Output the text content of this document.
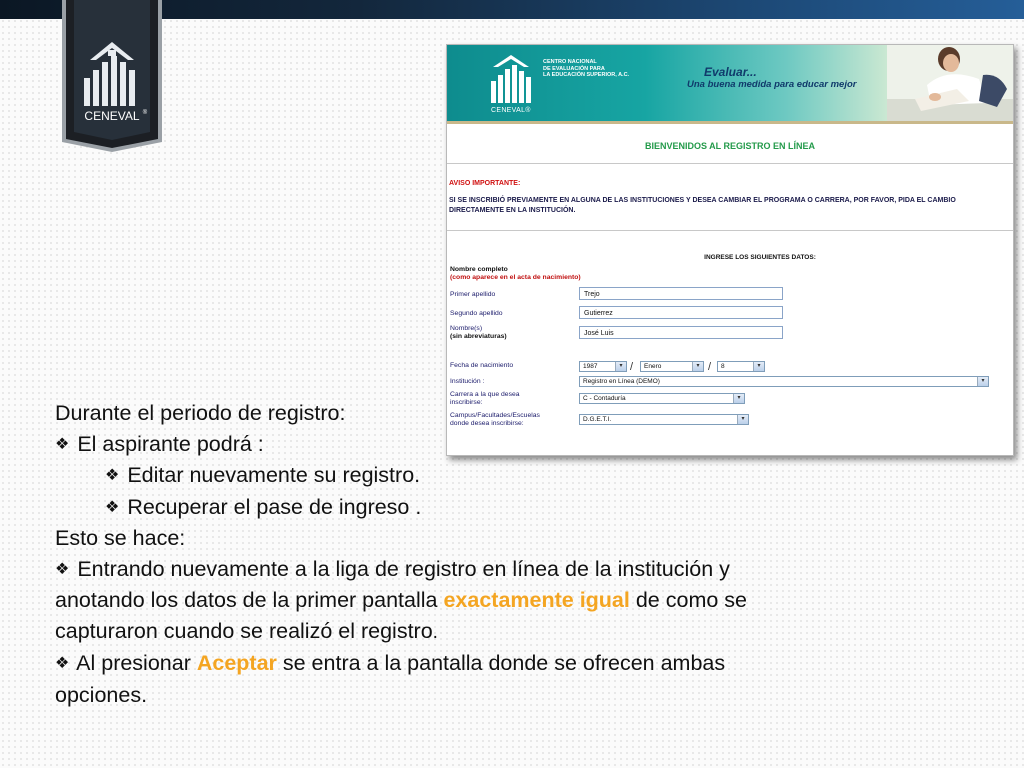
CENEVAL ®	CENEVAL®
CENTRO NACIONAL
DE EVALUACIÓN PARA
LA EDUCACIÓN SUPERIOR, A.C.	Evaluar...
Una buena medida para educar mejor
BIENVENIDOS AL REGISTRO EN LÍNEA
AVISO IMPORTANTE:
SI SE INSCRIBIÓ PREVIAMENTE EN ALGUNA DE LAS INSTITUCIONES Y DESEA CAMBIAR EL PROGRAMA O CARRERA, POR FAVOR, PIDA EL CAMBIO DIRECTAMENTE EN LA INSTITUCIÓN.
INGRESE LOS SIGUIENTES DATOS:
Nombre completo
(como aparece en el acta de nacimiento)
Primer apellido	Trejo
Segundo apellido	Gutierrez
Nombre(s)
(sin abreviaturas)	José Luis
Fecha de nacimiento	1987	▾ /	Enero	▾ /	8	▾
Institución :	Registro en Línea (DEMO)	▾
Carrera a la que desea
inscribirse:
C - Contaduría	▾
Campus/Facultades/Escuelas
donde desea inscribirse:
D.G.E.T.I.	▾
Durante el periodo de registro:
❖ El aspirante podrá :
❖ Editar nuevamente su registro.
❖ Recuperar el pase de ingreso .
Esto se hace:
❖ Entrando nuevamente a la liga de registro en línea de la institución y
anotando los datos de la primer pantalla exactamente igual de como se
capturaron cuando se realizó el registro.
❖ Al presionar Aceptar se entra a la pantalla donde se ofrecen ambas
opciones.
